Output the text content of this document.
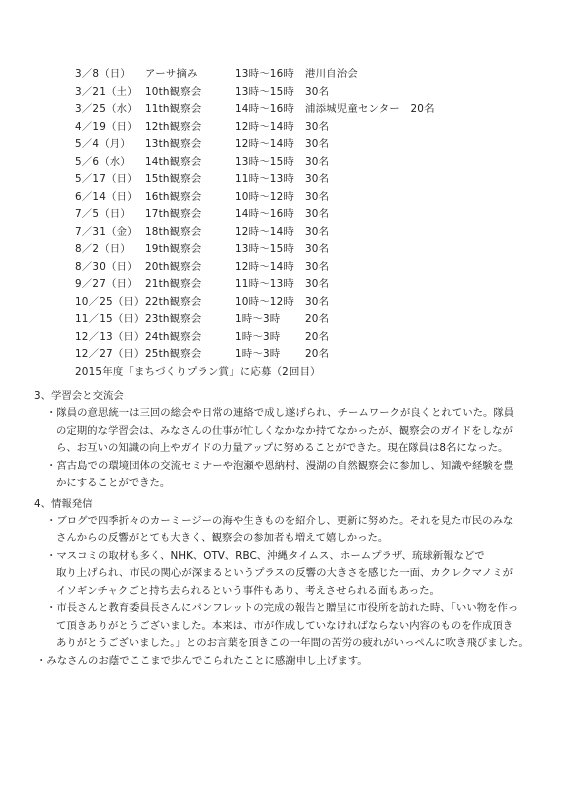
3／8（日） アーサ摘み	13時～16時 港川自治会
3／21（土） 10th観察会	13時～15時 30名
3／25（水） 11th観察会	14時～16時 浦添城児童センター　20名
4／19（日） 12th観察会	12時～14時 30名
5／4（月） 13th観察会	12時～14時 30名
5／6（水） 14th観察会	13時～15時 30名
5／17（日） 15th観察会	11時～13時 30名
6／14（日） 16th観察会	10時～12時 30名
7／5（日） 17th観察会	14時～16時 30名
7／31（金） 18th観察会	12時～14時 30名
8／2（日） 19th観察会	13時～15時 30名
8／30（日） 20th観察会	12時～14時 30名
9／27（日） 21th観察会	11時～13時 30名
10／25（日）22th観察会	10時～12時 30名
11／15（日）23th観察会	1時～3時 20名
12／13（日）24th観察会	1時～3時 20名
12／27（日）25th観察会	1時～3時 20名
2015年度「まちづくりプラン賞」に応募（2回目）
3、学習会と交流会

・隊員の意思統一は三回の総会や日常の連絡で成し遂げられ、チームワークが良くとれていた。隊員

の定期的な学習会は、みなさんの仕事が忙しくなかなか持てなかったが、観察会のガイドをしなが

ら、お互いの知識の向上やガイドの力量アップに努めることができた。現在隊員は8名になった。

・宮古島での環境団体の交流セミナーや泡瀬や恩納村、漫湖の自然観察会に参加し、知識や経験を豊

かにすることができた。

4、情報発信

・ブログで四季折々のカーミージーの海や生きものを紹介し、更新に努めた。それを見た市民のみな

さんからの反響がとても大きく、観察会の参加者も増えて嬉しかった。

・マスコミの取材も多く、NHK、OTV、RBC、沖縄タイムス、ホームプラザ、琉球新報などで

取り上げられ、市民の関心が深まるというプラスの反響の大きさを感じた一面、カクレクマノミが

イソギンチャクごと持ち去られるという事件もあり、考えさせられる面もあった。

・市長さんと教育委員長さんにパンフレットの完成の報告と贈呈に市役所を訪れた時、「いい物を作っ

て頂きありがとうございました。本来は、市が作成していなければならない内容のものを作成頂き

ありがとうございました。」とのお言葉を頂きこの一年間の苦労の疲れがいっぺんに吹き飛びました。

・みなさんのお蔭でここまで歩んでこられたことに感謝申し上げます。
